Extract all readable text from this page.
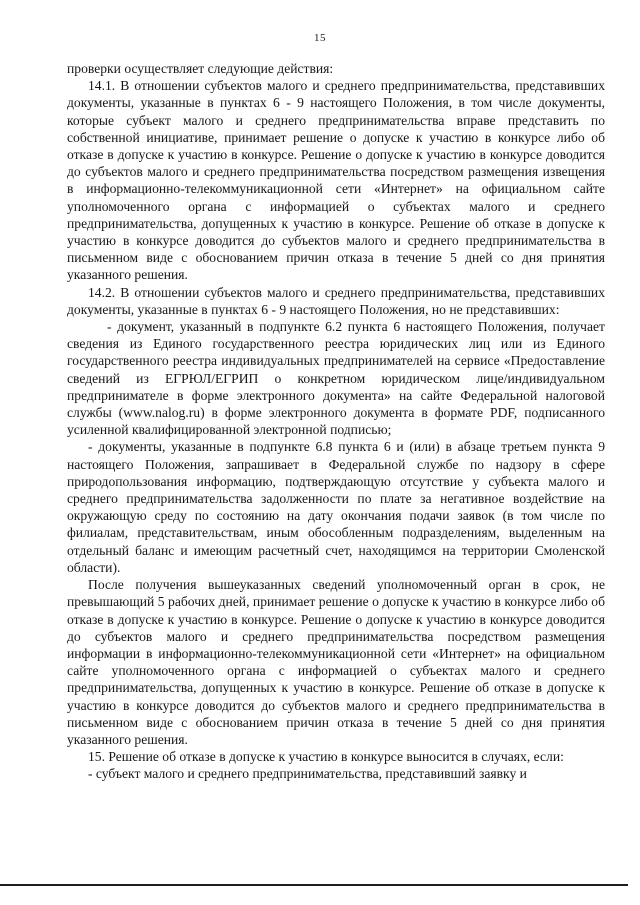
15

проверки осуществляет следующие действия:

14.1. В отношении субъектов малого и среднего предпринимательства, представивших документы, указанные в пунктах 6 - 9 настоящего Положения, в том числе документы, которые субъект малого и среднего предпринимательства вправе представить по собственной инициативе, принимает решение о допуске к участию в конкурсе либо об отказе в допуске к участию в конкурсе. Решение о допуске к участию в конкурсе доводится до субъектов малого и среднего предпринимательства посредством размещения извещения в информационно-телекоммуникационной сети «Интернет» на официальном сайте уполномоченного органа с информацией о субъектах малого и среднего предпринимательства, допущенных к участию в конкурсе. Решение об отказе в допуске к участию в конкурсе доводится до субъектов малого и среднего предпринимательства в письменном виде с обоснованием причин отказа в течение 5 дней со дня принятия указанного решения.

14.2. В отношении субъектов малого и среднего предпринимательства, представивших документы, указанные в пунктах 6 - 9 настоящего Положения, но не представивших:

- документ, указанный в подпункте 6.2 пункта 6 настоящего Положения, получает сведения из Единого государственного реестра юридических лиц или из Единого государственного реестра индивидуальных предпринимателей на сервисе «Предоставление сведений из ЕГРЮЛ/ЕГРИП о конкретном юридическом лице/индивидуальном предпринимателе в форме электронного документа» на сайте Федеральной налоговой службы (www.nalog.ru) в форме электронного документа в формате PDF, подписанного усиленной квалифицированной электронной подписью;

- документы, указанные в подпункте 6.8 пункта 6 и (или) в абзаце третьем пункта 9 настоящего Положения, запрашивает в Федеральной службе по надзору в сфере природопользования информацию, подтверждающую отсутствие у субъекта малого и среднего предпринимательства задолженности по плате за негативное воздействие на окружающую среду по состоянию на дату окончания подачи заявок (в том числе по филиалам, представительствам, иным обособленным подразделениям, выделенным на отдельный баланс и имеющим расчетный счет, находящимся на территории Смоленской области).

После получения вышеуказанных сведений уполномоченный орган в срок, не превышающий 5 рабочих дней, принимает решение о допуске к участию в конкурсе либо об отказе в допуске к участию в конкурсе. Решение о допуске к участию в конкурсе доводится до субъектов малого и среднего предпринимательства посредством размещения информации в информационно-телекоммуникационной сети «Интернет» на официальном сайте уполномоченного органа с информацией о субъектах малого и среднего предпринимательства, допущенных к участию в конкурсе. Решение об отказе в допуске к участию в конкурсе доводится до субъектов малого и среднего предпринимательства в письменном виде с обоснованием причин отказа в течение 5 дней со дня принятия указанного решения.

15. Решение об отказе в допуске к участию в конкурсе выносится в случаях, если:

- субъект малого и среднего предпринимательства, представивший заявку и
